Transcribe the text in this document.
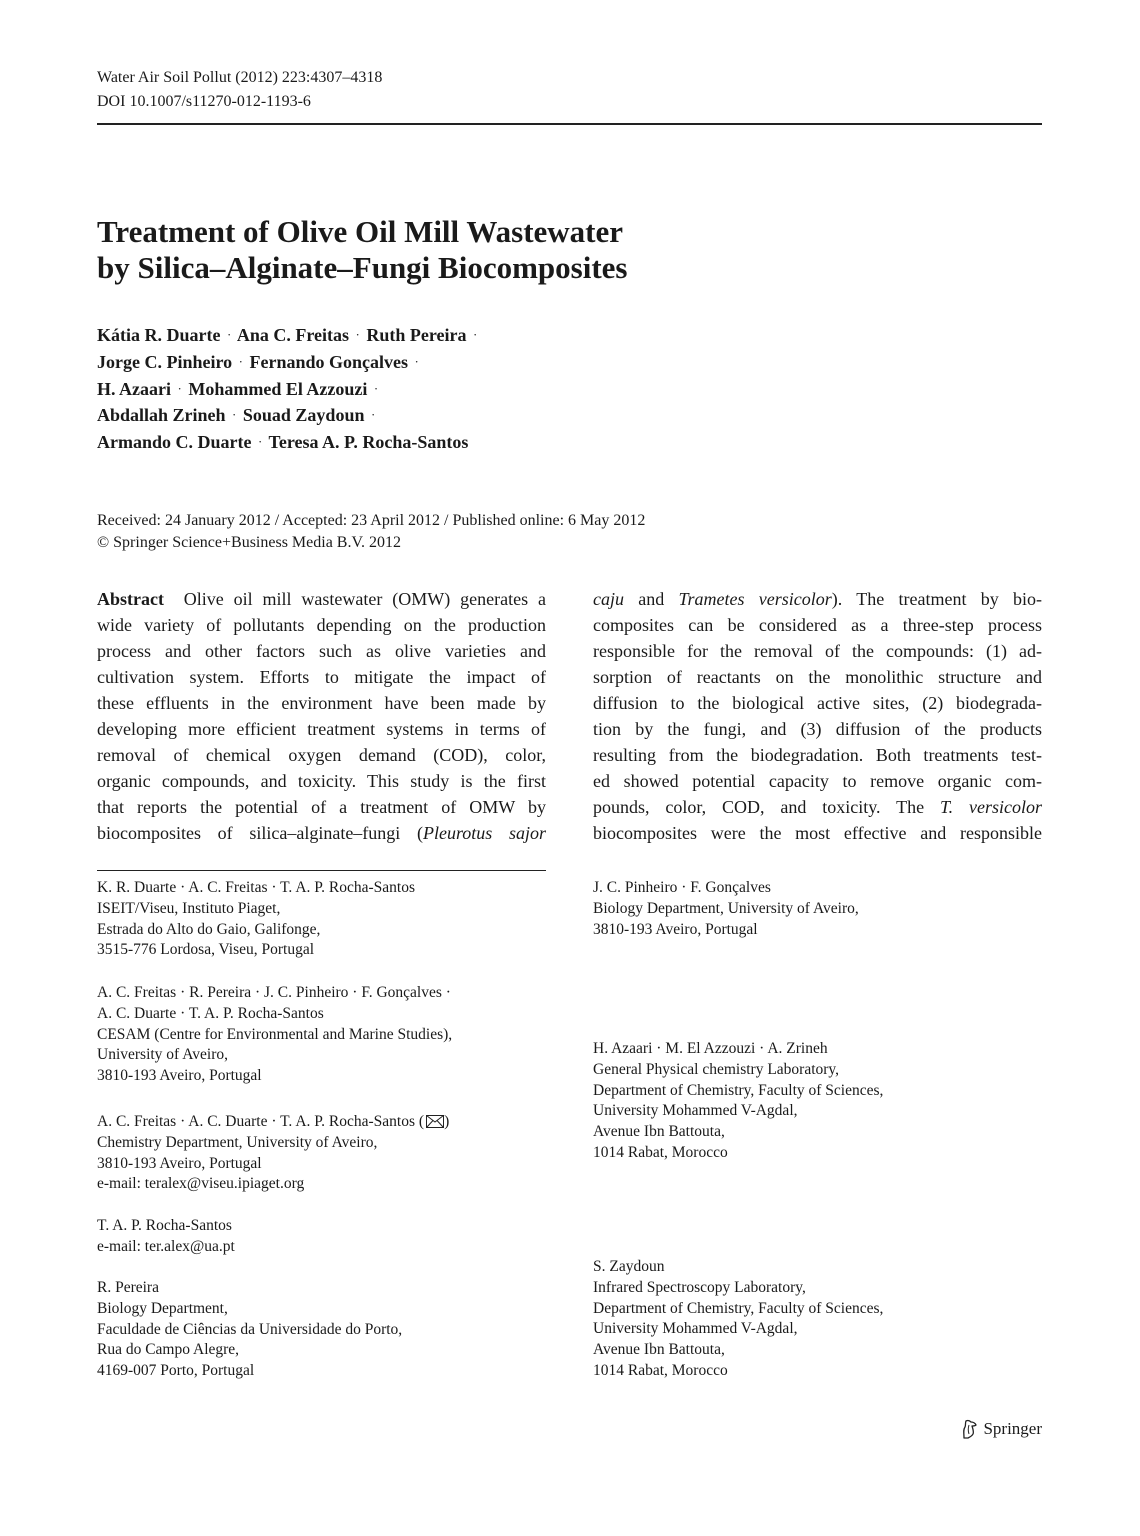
Water Air Soil Pollut (2012) 223:4307–4318
DOI 10.1007/s11270-012-1193-6
Treatment of Olive Oil Mill Wastewater
by Silica–Alginate–Fungi Biocomposites
Kátia R. Duarte · Ana C. Freitas · Ruth Pereira ·
Jorge C. Pinheiro · Fernando Gonçalves ·
H. Azaari · Mohammed El Azzouzi ·
Abdallah Zrineh · Souad Zaydoun ·
Armando C. Duarte · Teresa A. P. Rocha-Santos
Received: 24 January 2012 / Accepted: 23 April 2012 / Published online: 6 May 2012
© Springer Science+Business Media B.V. 2012
Abstract Olive oil mill wastewater (OMW) generates a
wide variety of pollutants depending on the production
process and other factors such as olive varieties and
cultivation system. Efforts to mitigate the impact of
these effluents in the environment have been made by
developing more efficient treatment systems in terms of
removal of chemical oxygen demand (COD), color,
organic compounds, and toxicity. This study is the first
that reports the potential of a treatment of OMW by
biocomposites of silica–alginate–fungi (Pleurotus sajor
caju and Trametes versicolor). The treatment by bio-
composites can be considered as a three-step process
responsible for the removal of the compounds: (1) ad-
sorption of reactants on the monolithic structure and
diffusion to the biological active sites, (2) biodegrada-
tion by the fungi, and (3) diffusion of the products
resulting from the biodegradation. Both treatments test-
ed showed potential capacity to remove organic com-
pounds, color, COD, and toxicity. The T. versicolor
biocomposites were the most effective and responsible
K. R. Duarte · A. C. Freitas · T. A. P. Rocha-Santos
ISEIT/Viseu, Instituto Piaget,
Estrada do Alto do Gaio, Galifonge,
3515-776 Lordosa, Viseu, Portugal
A. C. Freitas · R. Pereira · J. C. Pinheiro · F. Gonçalves ·
A. C. Duarte · T. A. P. Rocha-Santos
CESAM (Centre for Environmental and Marine Studies),
University of Aveiro,
3810-193 Aveiro, Portugal
A. C. Freitas · A. C. Duarte · T. A. P. Rocha-Santos ( )
Chemistry Department, University of Aveiro,
3810-193 Aveiro, Portugal
e-mail: teralex@viseu.ipiaget.org
T. A. P. Rocha-Santos
e-mail: ter.alex@ua.pt
R. Pereira
Biology Department,
Faculdade de Ciências da Universidade do Porto,
Rua do Campo Alegre,
4169-007 Porto, Portugal
J. C. Pinheiro · F. Gonçalves
Biology Department, University of Aveiro,
3810-193 Aveiro, Portugal
H. Azaari · M. El Azzouzi · A. Zrineh
General Physical chemistry Laboratory,
Department of Chemistry, Faculty of Sciences,
University Mohammed V-Agdal,
Avenue Ibn Battouta,
1014 Rabat, Morocco
S. Zaydoun
Infrared Spectroscopy Laboratory,
Department of Chemistry, Faculty of Sciences,
University Mohammed V-Agdal,
Avenue Ibn Battouta,
1014 Rabat, Morocco
Springer
